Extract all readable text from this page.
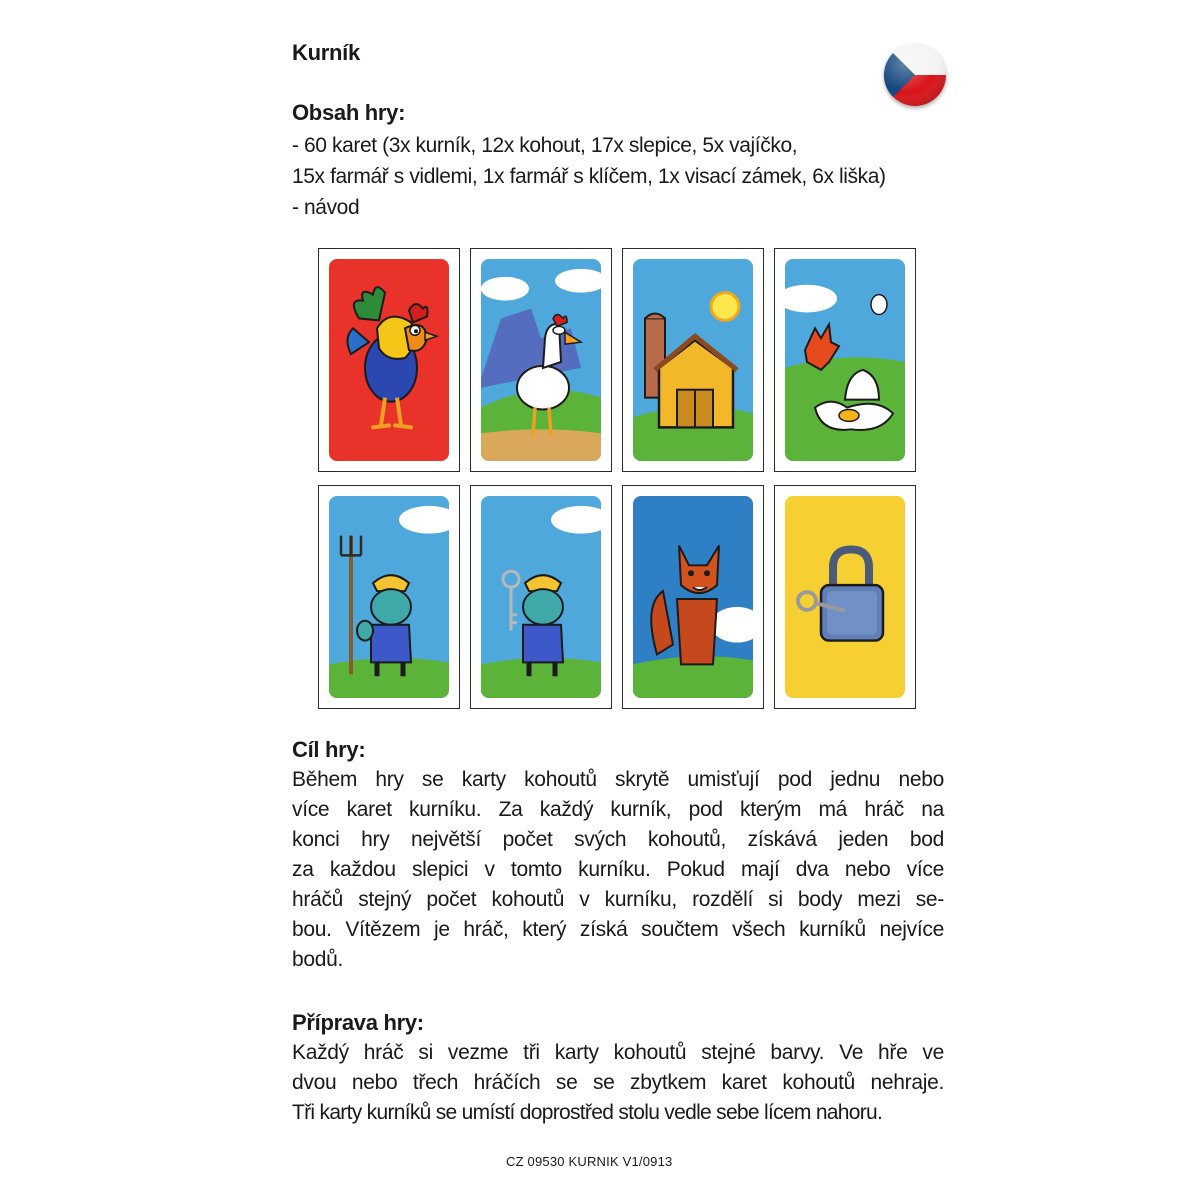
Kurník
Obsah hry:
- 60 karet (3x kurník, 12x kohout, 17x slepice, 5x vajíčko,
15x farmář s vidlemi, 1x farmář s klíčem, 1x visací zámek, 6x liška)
- návod
Cíl hry:
Během hry se karty kohoutů skrytě umisťují pod jednu nebo
více karet kurníku. Za každý kurník, pod kterým má hráč na
konci hry největší počet svých kohoutů, získává jeden bod
za každou slepici v tomto kurníku. Pokud mají dva nebo více
hráčů stejný počet kohoutů v kurníku, rozdělí si body mezi se-
bou. Vítězem je hráč, který získá součtem všech kurníků nejvíce
bodů.
Příprava hry:
Každý hráč si vezme tři karty kohoutů stejné barvy. Ve hře ve
dvou nebo třech hráčích se se zbytkem karet kohoutů nehraje.
Tři karty kurníků se umístí doprostřed stolu vedle sebe lícem nahoru.
CZ 09530 KURNIK V1/0913
